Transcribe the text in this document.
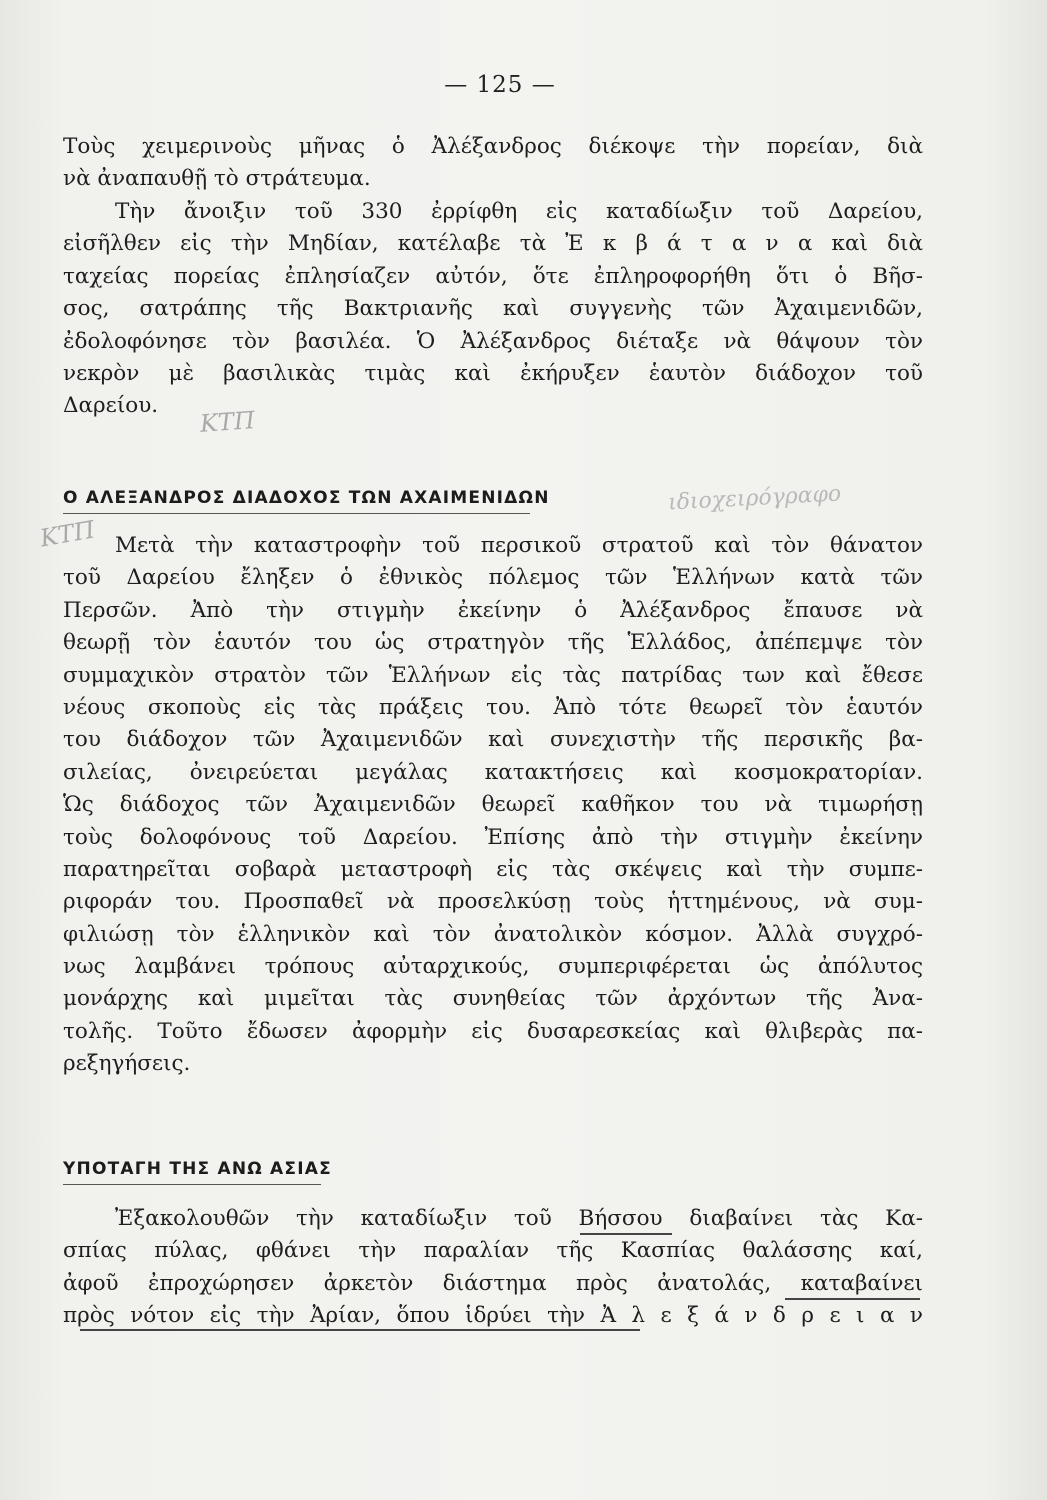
— 125 —
Τοὺς χειμερινοὺς μῆνας ὁ Ἀλέξανδρος διέκοψε τὴν πορείαν, διὰ
νὰ ἀναπαυθῇ τὸ στράτευμα.
Τὴν ἄνοιξιν τοῦ 330 ἐρρίφθη εἰς καταδίωξιν τοῦ Δαρείου,
εἰσῆλθεν εἰς τὴν Μηδίαν, κατέλαβε τὰ Ἐ κ β ά τ α ν α καὶ διὰ
ταχείας πορείας ἐπλησίαζεν αὐτόν, ὅτε ἐπληροφορήθη ὅτι ὁ Βῆσ-
σος, σατράπης τῆς Βακτριανῆς καὶ συγγενὴς τῶν Ἀχαιμενιδῶν,
ἐδολοφόνησε τὸν βασιλέα. Ὁ Ἀλέξανδρος διέταξε νὰ θάψουν τὸν
νεκρὸν μὲ βασιλικὰς τιμὰς καὶ ἐκήρυξεν ἑαυτὸν διάδοχον τοῦ
Δαρείου.
ΚΤΠ
ιδιοχειρόγραφο
ΚΤΠ
Ο ΑΛΕΞΑΝΔΡΟΣ ΔΙΑΔΟΧΟΣ ΤΩΝ ΑΧΑΙΜΕΝΙΔΩΝ
Μετὰ τὴν καταστροφὴν τοῦ περσικοῦ στρατοῦ καὶ τὸν θάνατον
τοῦ Δαρείου ἔληξεν ὁ ἐθνικὸς πόλεμος τῶν Ἑλλήνων κατὰ τῶν
Περσῶν. Ἀπὸ τὴν στιγμὴν ἐκείνην ὁ Ἀλέξανδρος ἔπαυσε νὰ
θεωρῇ τὸν ἑαυτόν του ὡς στρατηγὸν τῆς Ἑλλάδος, ἀπέπεμψε τὸν
συμμαχικὸν στρατὸν τῶν Ἑλλήνων εἰς τὰς πατρίδας των καὶ ἔθεσε
νέους σκοποὺς εἰς τὰς πράξεις του. Ἀπὸ τότε θεωρεῖ τὸν ἑαυτόν
του διάδοχον τῶν Ἀχαιμενιδῶν καὶ συνεχιστὴν τῆς περσικῆς βα-
σιλείας, ὀνειρεύεται μεγάλας κατακτήσεις καὶ κοσμοκρατορίαν.
Ὡς διάδοχος τῶν Ἀχαιμενιδῶν θεωρεῖ καθῆκον του νὰ τιμωρήσῃ
τοὺς δολοφόνους τοῦ Δαρείου. Ἐπίσης ἀπὸ τὴν στιγμὴν ἐκείνην
παρατηρεῖται σοβαρὰ μεταστροφὴ εἰς τὰς σκέψεις καὶ τὴν συμπε-
ριφοράν του. Προσπαθεῖ νὰ προσελκύσῃ τοὺς ἡττημένους, νὰ συμ-
φιλιώσῃ τὸν ἑλληνικὸν καὶ τὸν ἀνατολικὸν κόσμον. Ἀλλὰ συγχρό-
νως λαμβάνει τρόπους αὐταρχικούς, συμπεριφέρεται ὡς ἀπόλυτος
μονάρχης καὶ μιμεῖται τὰς συνηθείας τῶν ἀρχόντων τῆς Ἀνα-
τολῆς. Τοῦτο ἔδωσεν ἀφορμὴν εἰς δυσαρεσκείας καὶ θλιβερὰς πα-
ρεξηγήσεις.
ΥΠΟΤΑΓΗ ΤΗΣ ΑΝΩ ΑΣΙΑΣ
Ἐξακολουθῶν τὴν καταδίωξιν τοῦ Βήσσου διαβαίνει τὰς Κα-
σπίας πύλας, φθάνει τὴν παραλίαν τῆς Κασπίας θαλάσσης καί,
ἀφοῦ ἐπροχώρησεν ἀρκετὸν διάστημα πρὸς ἀνατολάς, καταβαίνει
πρὸς νότον εἰς τὴν Ἀρίαν, ὅπου ἱδρύει τὴν Ἀ λ ε ξ ά ν δ ρ ε ι α ν
